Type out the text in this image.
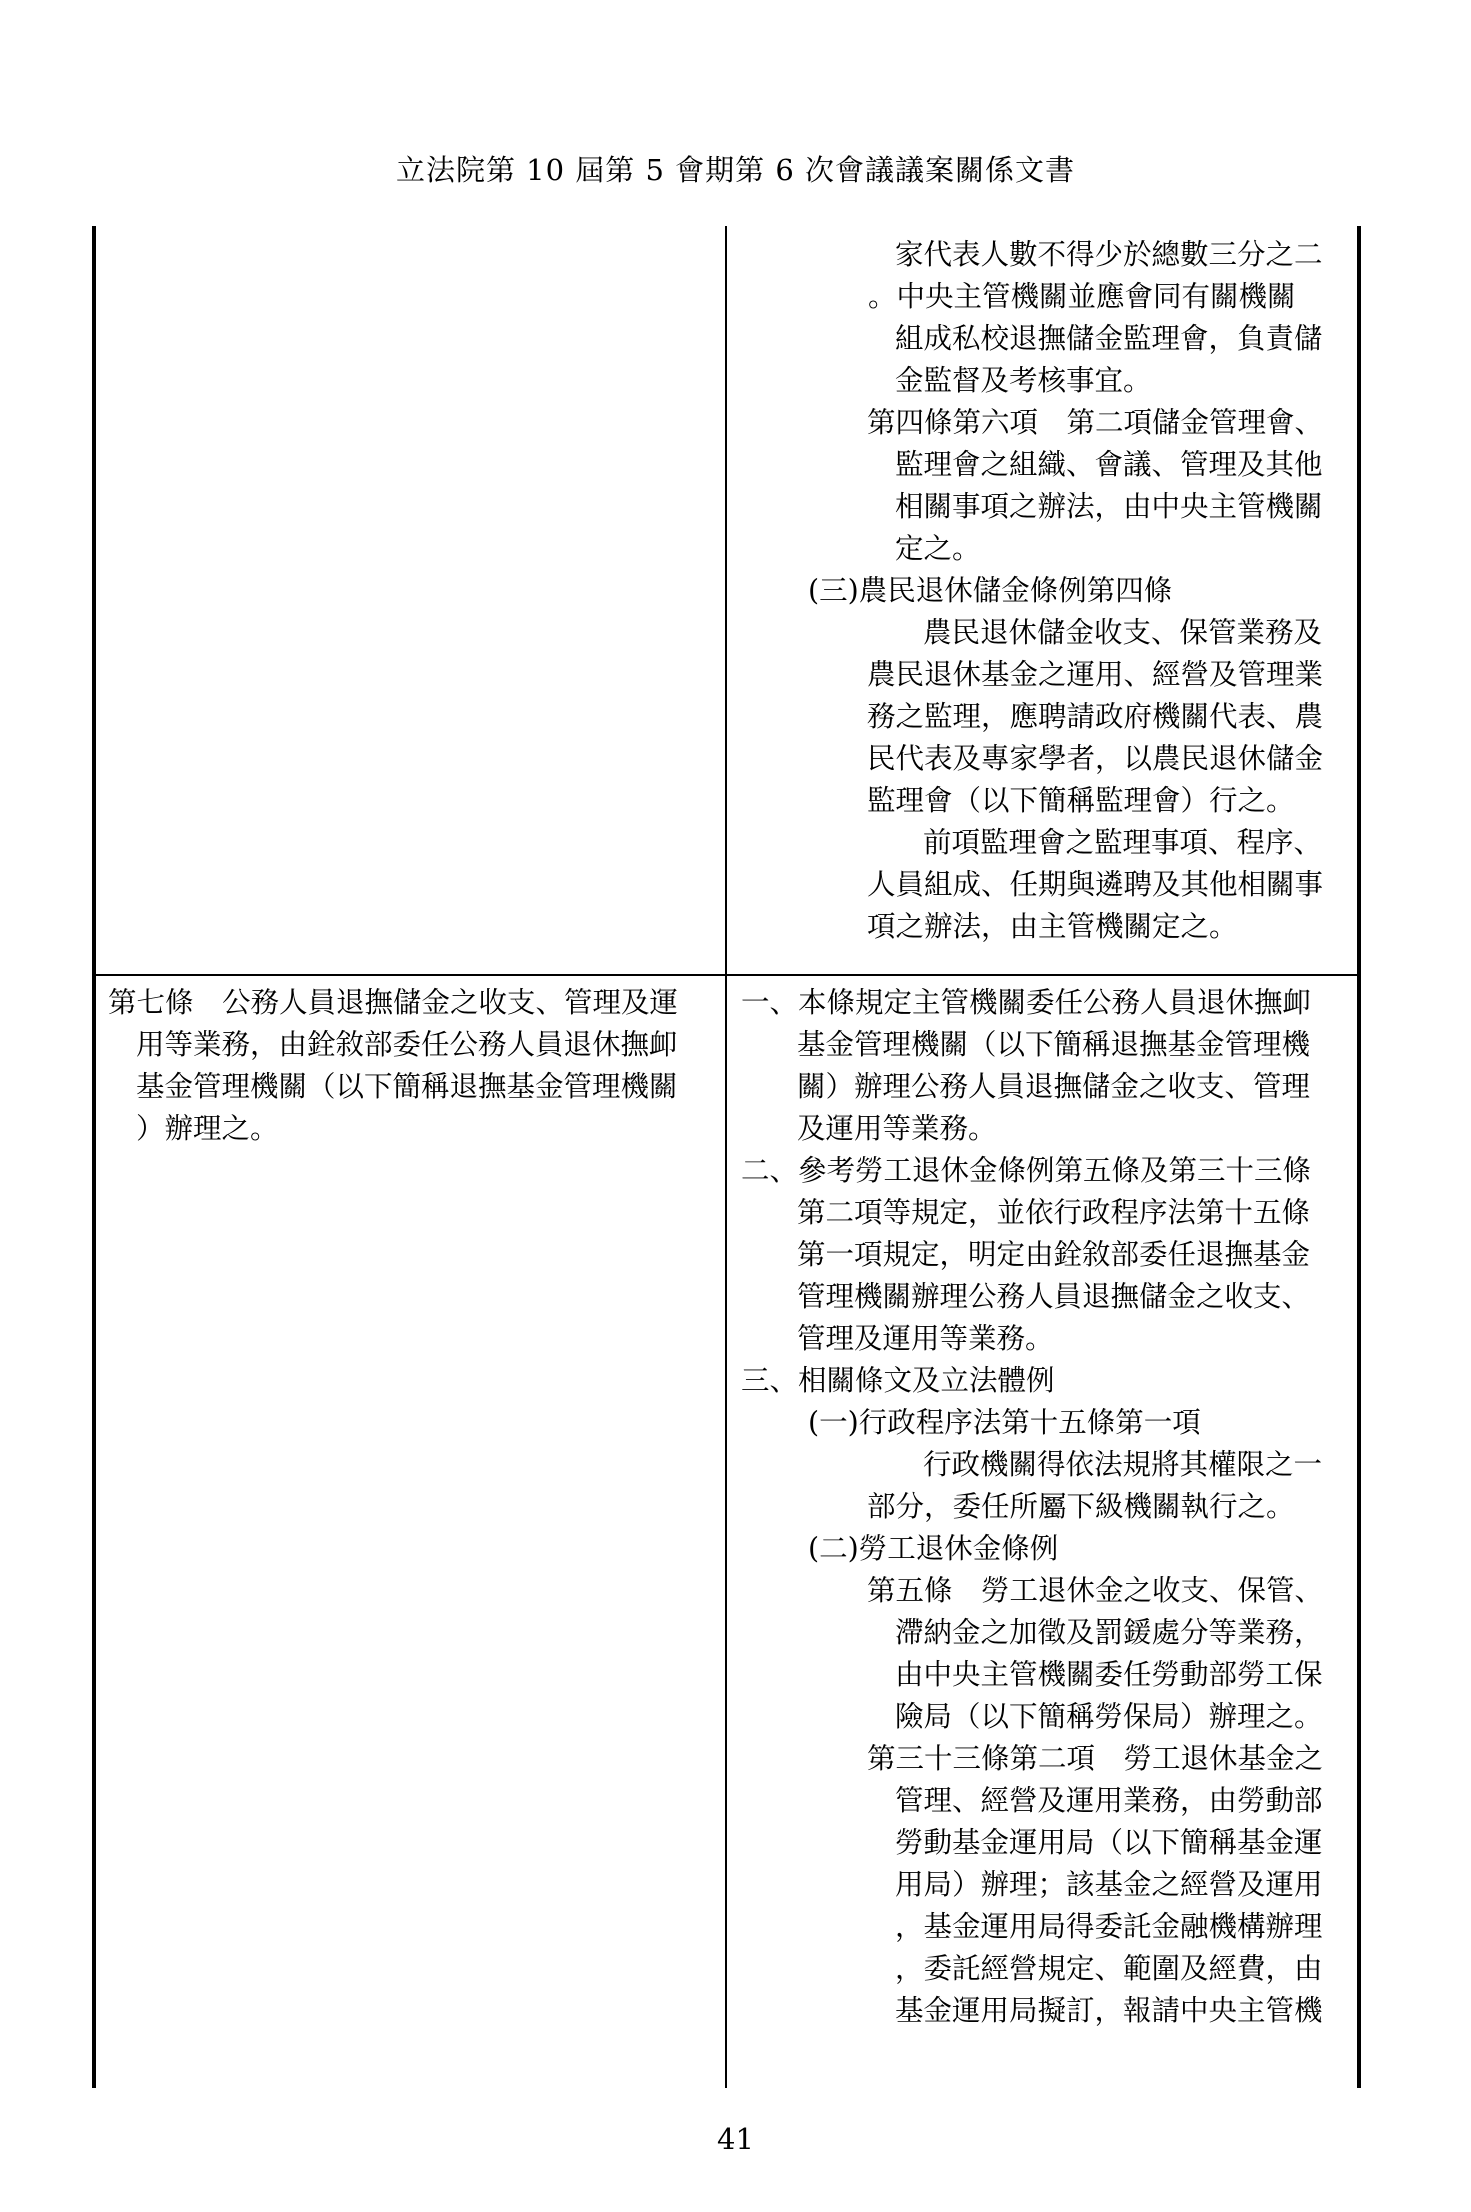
立法院第 10 屆第 5 會期第 6 次會議議案關係文書
家代表人數不得少於總數三分之二
。中央主管機關並應會同有關機關
組成私校退撫儲金監理會，負責儲
金監督及考核事宜。
第四條第六項　第二項儲金管理會、
監理會之組織、會議、管理及其他
相關事項之辦法，由中央主管機關
定之。
(三)農民退休儲金條例第四條
農民退休儲金收支、保管業務及
農民退休基金之運用、經營及管理業
務之監理，應聘請政府機關代表、農
民代表及專家學者，以農民退休儲金
監理會（以下簡稱監理會）行之。
前項監理會之監理事項、程序、
人員組成、任期與遴聘及其他相關事
項之辦法，由主管機關定之。
第七條　公務人員退撫儲金之收支、管理及運
用等業務，由銓敘部委任公務人員退休撫卹
基金管理機關（以下簡稱退撫基金管理機關
）辦理之。
一、本條規定主管機關委任公務人員退休撫卹
基金管理機關（以下簡稱退撫基金管理機
關）辦理公務人員退撫儲金之收支、管理
及運用等業務。
二、參考勞工退休金條例第五條及第三十三條
第二項等規定，並依行政程序法第十五條
第一項規定，明定由銓敘部委任退撫基金
管理機關辦理公務人員退撫儲金之收支、
管理及運用等業務。
三、相關條文及立法體例
(一)行政程序法第十五條第一項
行政機關得依法規將其權限之一
部分，委任所屬下級機關執行之。
(二)勞工退休金條例
第五條　勞工退休金之收支、保管、
滯納金之加徵及罰鍰處分等業務，
由中央主管機關委任勞動部勞工保
險局（以下簡稱勞保局）辦理之。
第三十三條第二項　勞工退休基金之
管理、經營及運用業務，由勞動部
勞動基金運用局（以下簡稱基金運
用局）辦理；該基金之經營及運用
，基金運用局得委託金融機構辦理
，委託經營規定、範圍及經費，由
基金運用局擬訂，報請中央主管機
41
